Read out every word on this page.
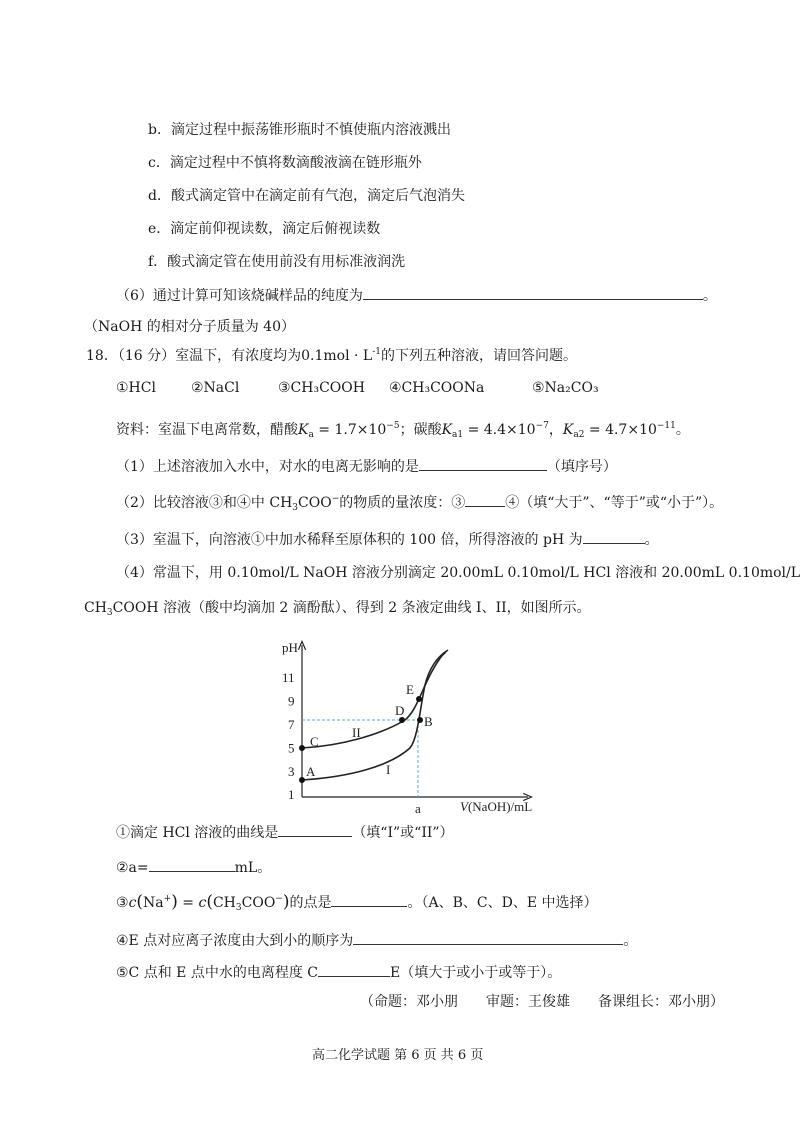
b．滴定过程中振荡锥形瓶时不慎使瓶内溶液溅出
c．滴定过程中不慎将数滴酸液滴在链形瓶外
d．酸式滴定管中在滴定前有气泡，滴定后气泡消失
e．滴定前仰视读数，滴定后俯视读数
f．酸式滴定管在使用前没有用标准液润洗
（6）通过计算可知该烧碱样品的纯度为	。
（NaOH 的相对分子质量为 40）
18．（16 分）室温下，有浓度均为$0.1mol \cdot L^{-1}$的下列五种溶液，请回答问题。
①HCl	②NaCl	③CH₃COOH ④CH₃COONa	⑤Na₂CO₃
资料：室温下电离常数，醋酸$K_a = 1.7\times 10^{-5}$；碳酸$K_{a1} = 4.4\times 10^{-7}$，$K_{a2} = 4.7\times 10^{-11}$。
（1）上述溶液加入水中，对水的电离无影响的是	（填序号）
（2）比较溶液③和④中 $CH_3COO^-$的物质的量浓度：③	④（填“大于”、“等于”或“小于”）。
（3）室温下，向溶液①中加水稀释至原体积的 100 倍，所得溶液的 pH 为	。
（4）常温下，用 0.10mol/L NaOH 溶液分别滴定 20.00mL 0.10mol/L HCl 溶液和 20.00mL 0.10mol/L
$CH_3COOH$ 溶液（酸中均滴加 2 滴酚酞）、得到 2 条液定曲线 I、II，如图所示。
pH
V(NaOH)/mL
1
3
5
7
9
11
a
I
II
A
B
C
D
E
①滴定 HCl 溶液的曲线是	（填“I”或“II”）
②a=	mL。
③c(Na+) = $c(CH_3COO^-)$的点是	。（A、B、C、D、E 中选择）
④E 点对应离子浓度由大到小的顺序为	。
⑤C 点和 E 点中水的电离程度 C	E（填大于或小于或等于）。
（命题：邓小朋　　审题：王俊雄　　备课组长：邓小朋）
高二化学试题 第 6 页 共 6 页
